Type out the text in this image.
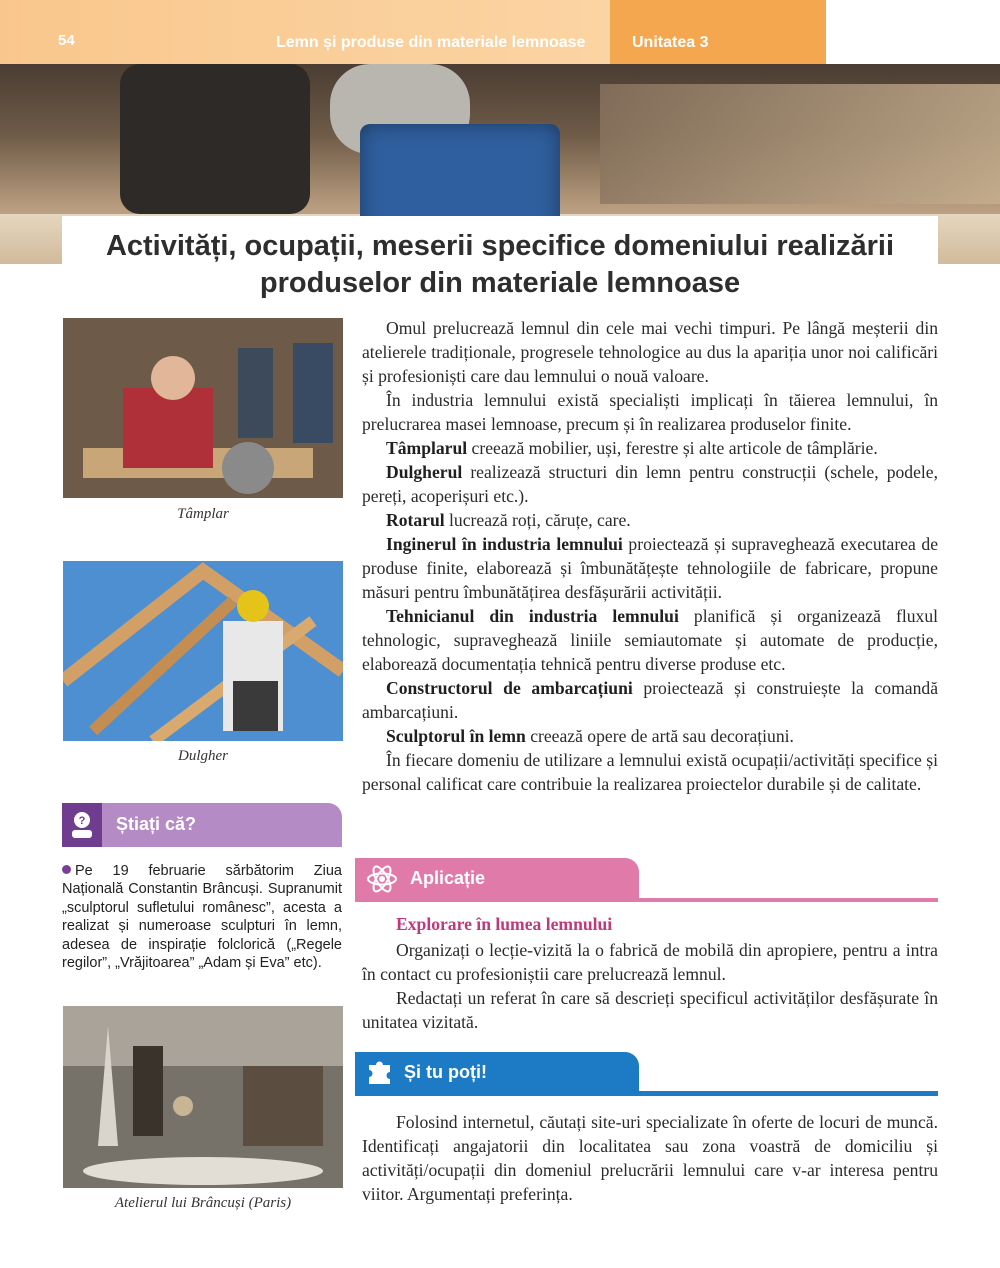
54	Lemn și produse din materiale lemnoase	Unitatea 3
Activități, ocupații, meserii specifice domeniului realizării produselor din materiale lemnoase
Tâmplar
Dulgher
? Știați că?

Pe 19 februarie sărbătorim Ziua Națională Constantin Brâncuși. Supranumit „sculptorul sufletului românesc”, acesta a realizat și numeroase sculpturi în lemn, adesea de inspirație folclorică („Regele regilor”, „Vrăjitoarea” „Adam și Eva” etc).

Atelierul lui Brâncuși (Paris)

Omul prelucrează lemnul din cele mai vechi timpuri. Pe lângă meșterii din atelierele tradiționale, progresele tehnologice au dus la apariția unor noi calificări și profesioniști care dau lemnului o nouă valoare.

În industria lemnului există specialiști implicați în tăierea lemnului, în prelucrarea masei lemnoase, precum și în realizarea produselor finite.

Tâmplarul creează mobilier, uși, ferestre și alte articole de tâmplărie.

Dulgherul realizează structuri din lemn pentru construcții (schele, podele, pereți, acoperișuri etc.).

Rotarul lucrează roți, căruțe, care.

Inginerul în industria lemnului proiectează și supraveghează executarea de produse finite, elaborează și îmbunătățește tehnologiile de fabricare, propune măsuri pentru îmbunătățirea desfășurării activității.

Tehnicianul din industria lemnului planifică și organizează fluxul tehnologic, supraveghează liniile semiautomate și automate de producție, elaborează documentația tehnică pentru diverse produse etc.

Constructorul de ambarcațiuni proiectează și construiește la comandă ambarcațiuni.

Sculptorul în lemn creează opere de artă sau decorațiuni.

În fiecare domeniu de utilizare a lemnului există ocupații/activități specifice și personal calificat care contribuie la realizarea proiectelor durabile și de calitate.

Aplicație
Explorare în lumea lemnului

Organizați o lecție-vizită la o fabrică de mobilă din apropiere, pentru a intra în contact cu profesioniștii care prelucrează lemnul.

Redactați un referat în care să descrieți specificul activităților desfășurate în unitatea vizitată.

Și tu poți!

Folosind internetul, căutați site-uri specializate în oferte de locuri de muncă. Identificați angajatorii din localitatea sau zona voastră de domiciliu și activități/ocupații din domeniul prelucrării lemnului care v-ar interesa pentru viitor. Argumentați preferința.
